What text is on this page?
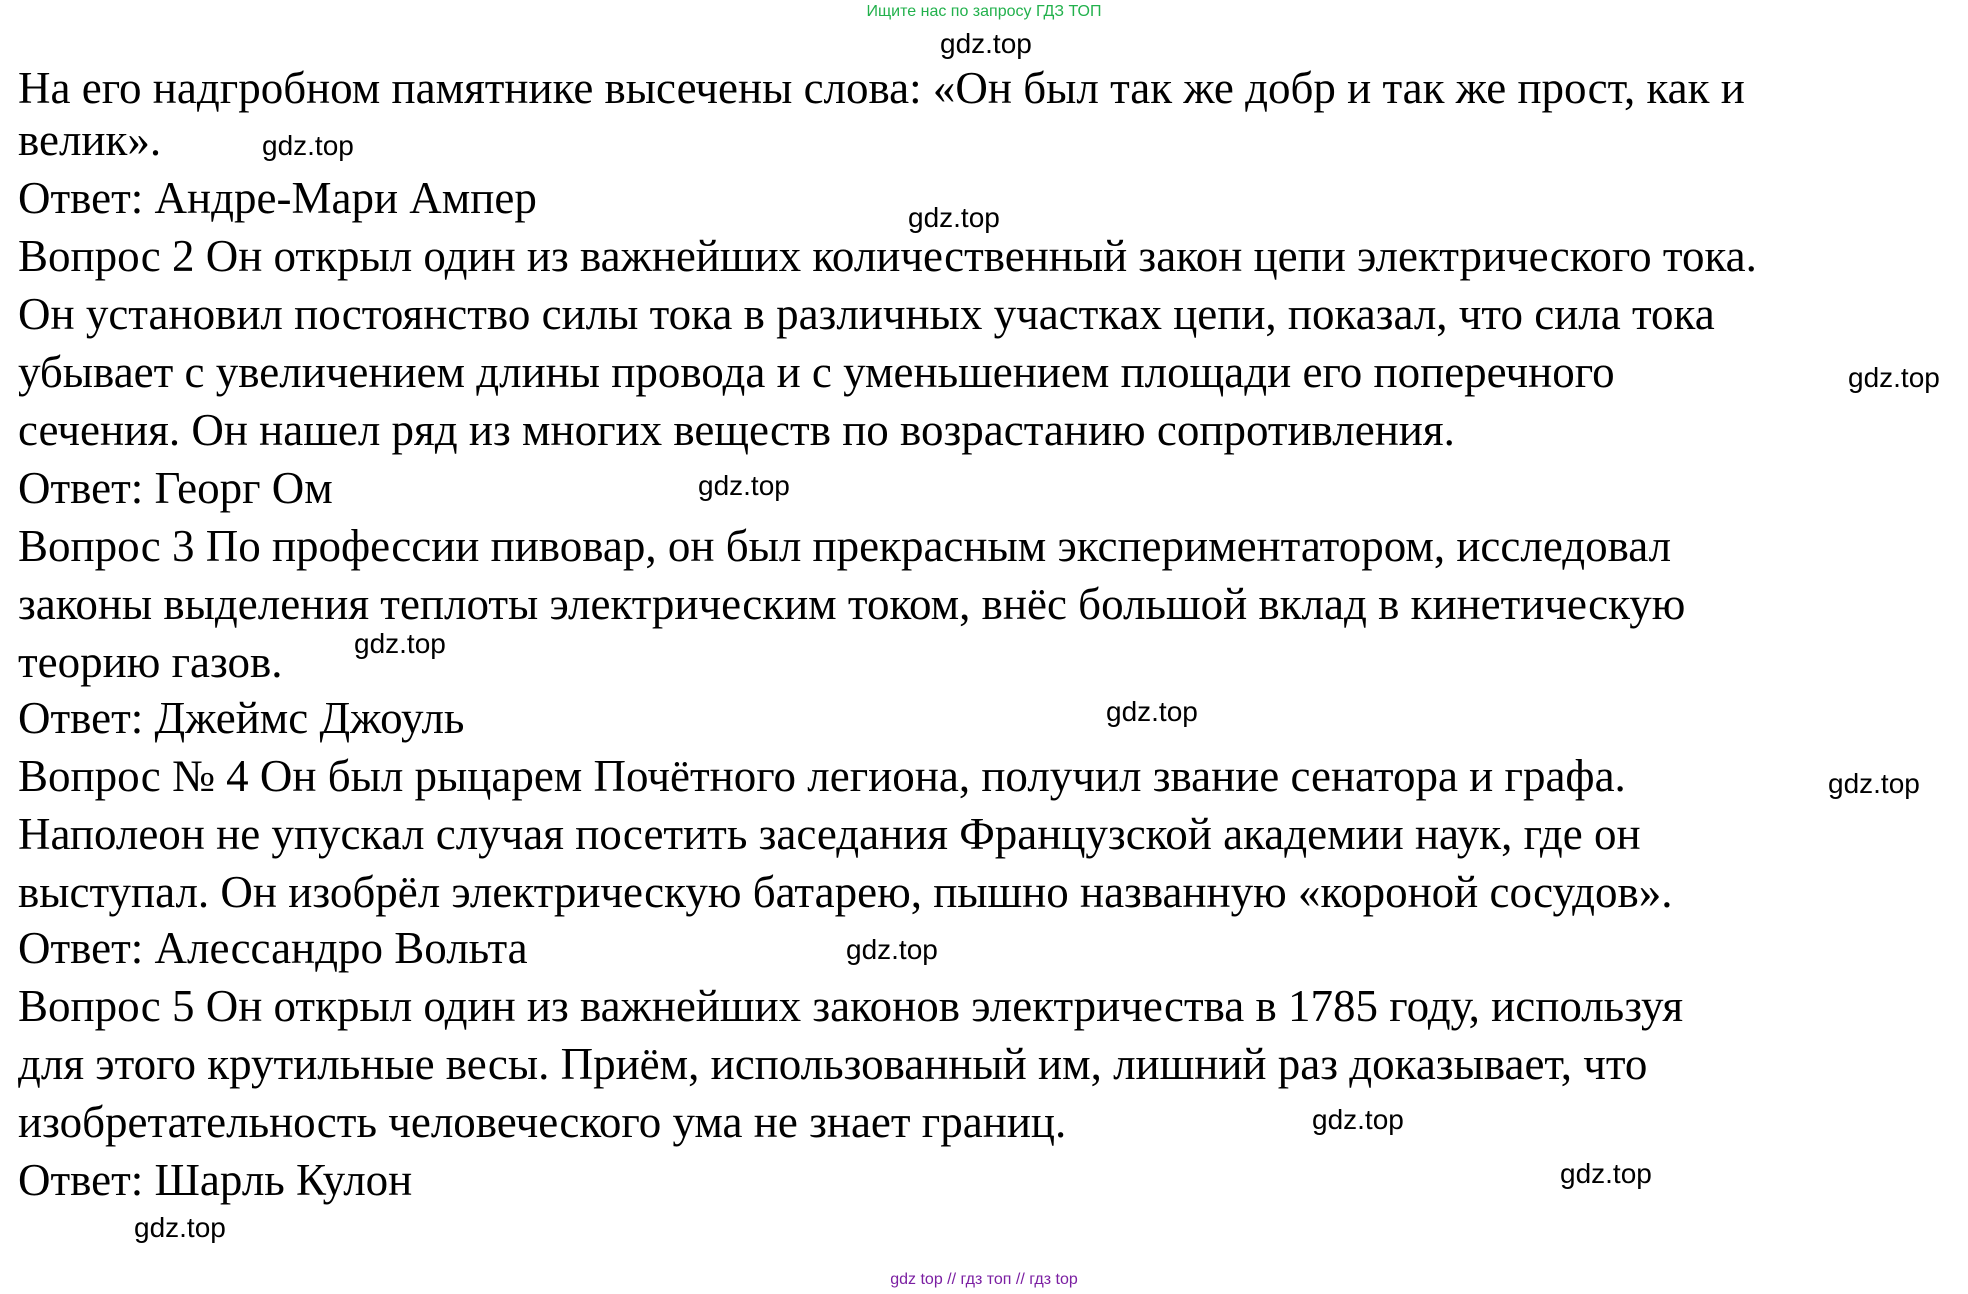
Ищите нас по запросу ГДЗ ТОП
gdz.top
На его надгробном памятнике высечены слова: «Он был так же добр и так же прост, как и
велик».	gdz.top
Ответ: Андре-Мари Ампер	gdz.top
Вопрос 2 Он открыл один из важнейших количественный закон цепи электрического тока.
Он установил постоянство силы тока в различных участках цепи, показал, что сила тока
убывает с увеличением длины провода и с уменьшением площади его поперечного	gdz.top
сечения. Он нашел ряд из многих веществ по возрастанию сопротивления.
Ответ: Георг Ом	gdz.top
Вопрос 3 По профессии пивовар, он был прекрасным экспериментатором, исследовал
законы выделения теплоты электрическим током, внёс большой вклад в кинетическую
теорию газов.	gdz.top
Ответ: Джеймс Джоуль	gdz.top
Вопрос № 4 Он был рыцарем Почётного легиона, получил звание сенатора и графа.	gdz.top
Наполеон не упускал случая посетить заседания Французской академии наук, где он
выступал. Он изобрёл электрическую батарею, пышно названную «короной сосудов».
Ответ: Алессандро Вольта	gdz.top
Вопрос 5 Он открыл один из важнейших законов электричества в 1785 году, используя
для этого крутильные весы. Приём, использованный им, лишний раз доказывает, что
изобретательность человеческого ума не знает границ.	gdz.top
gdz.top
Ответ: Шарль Кулон
gdz.top
gdz top // гдз топ // гдз top
